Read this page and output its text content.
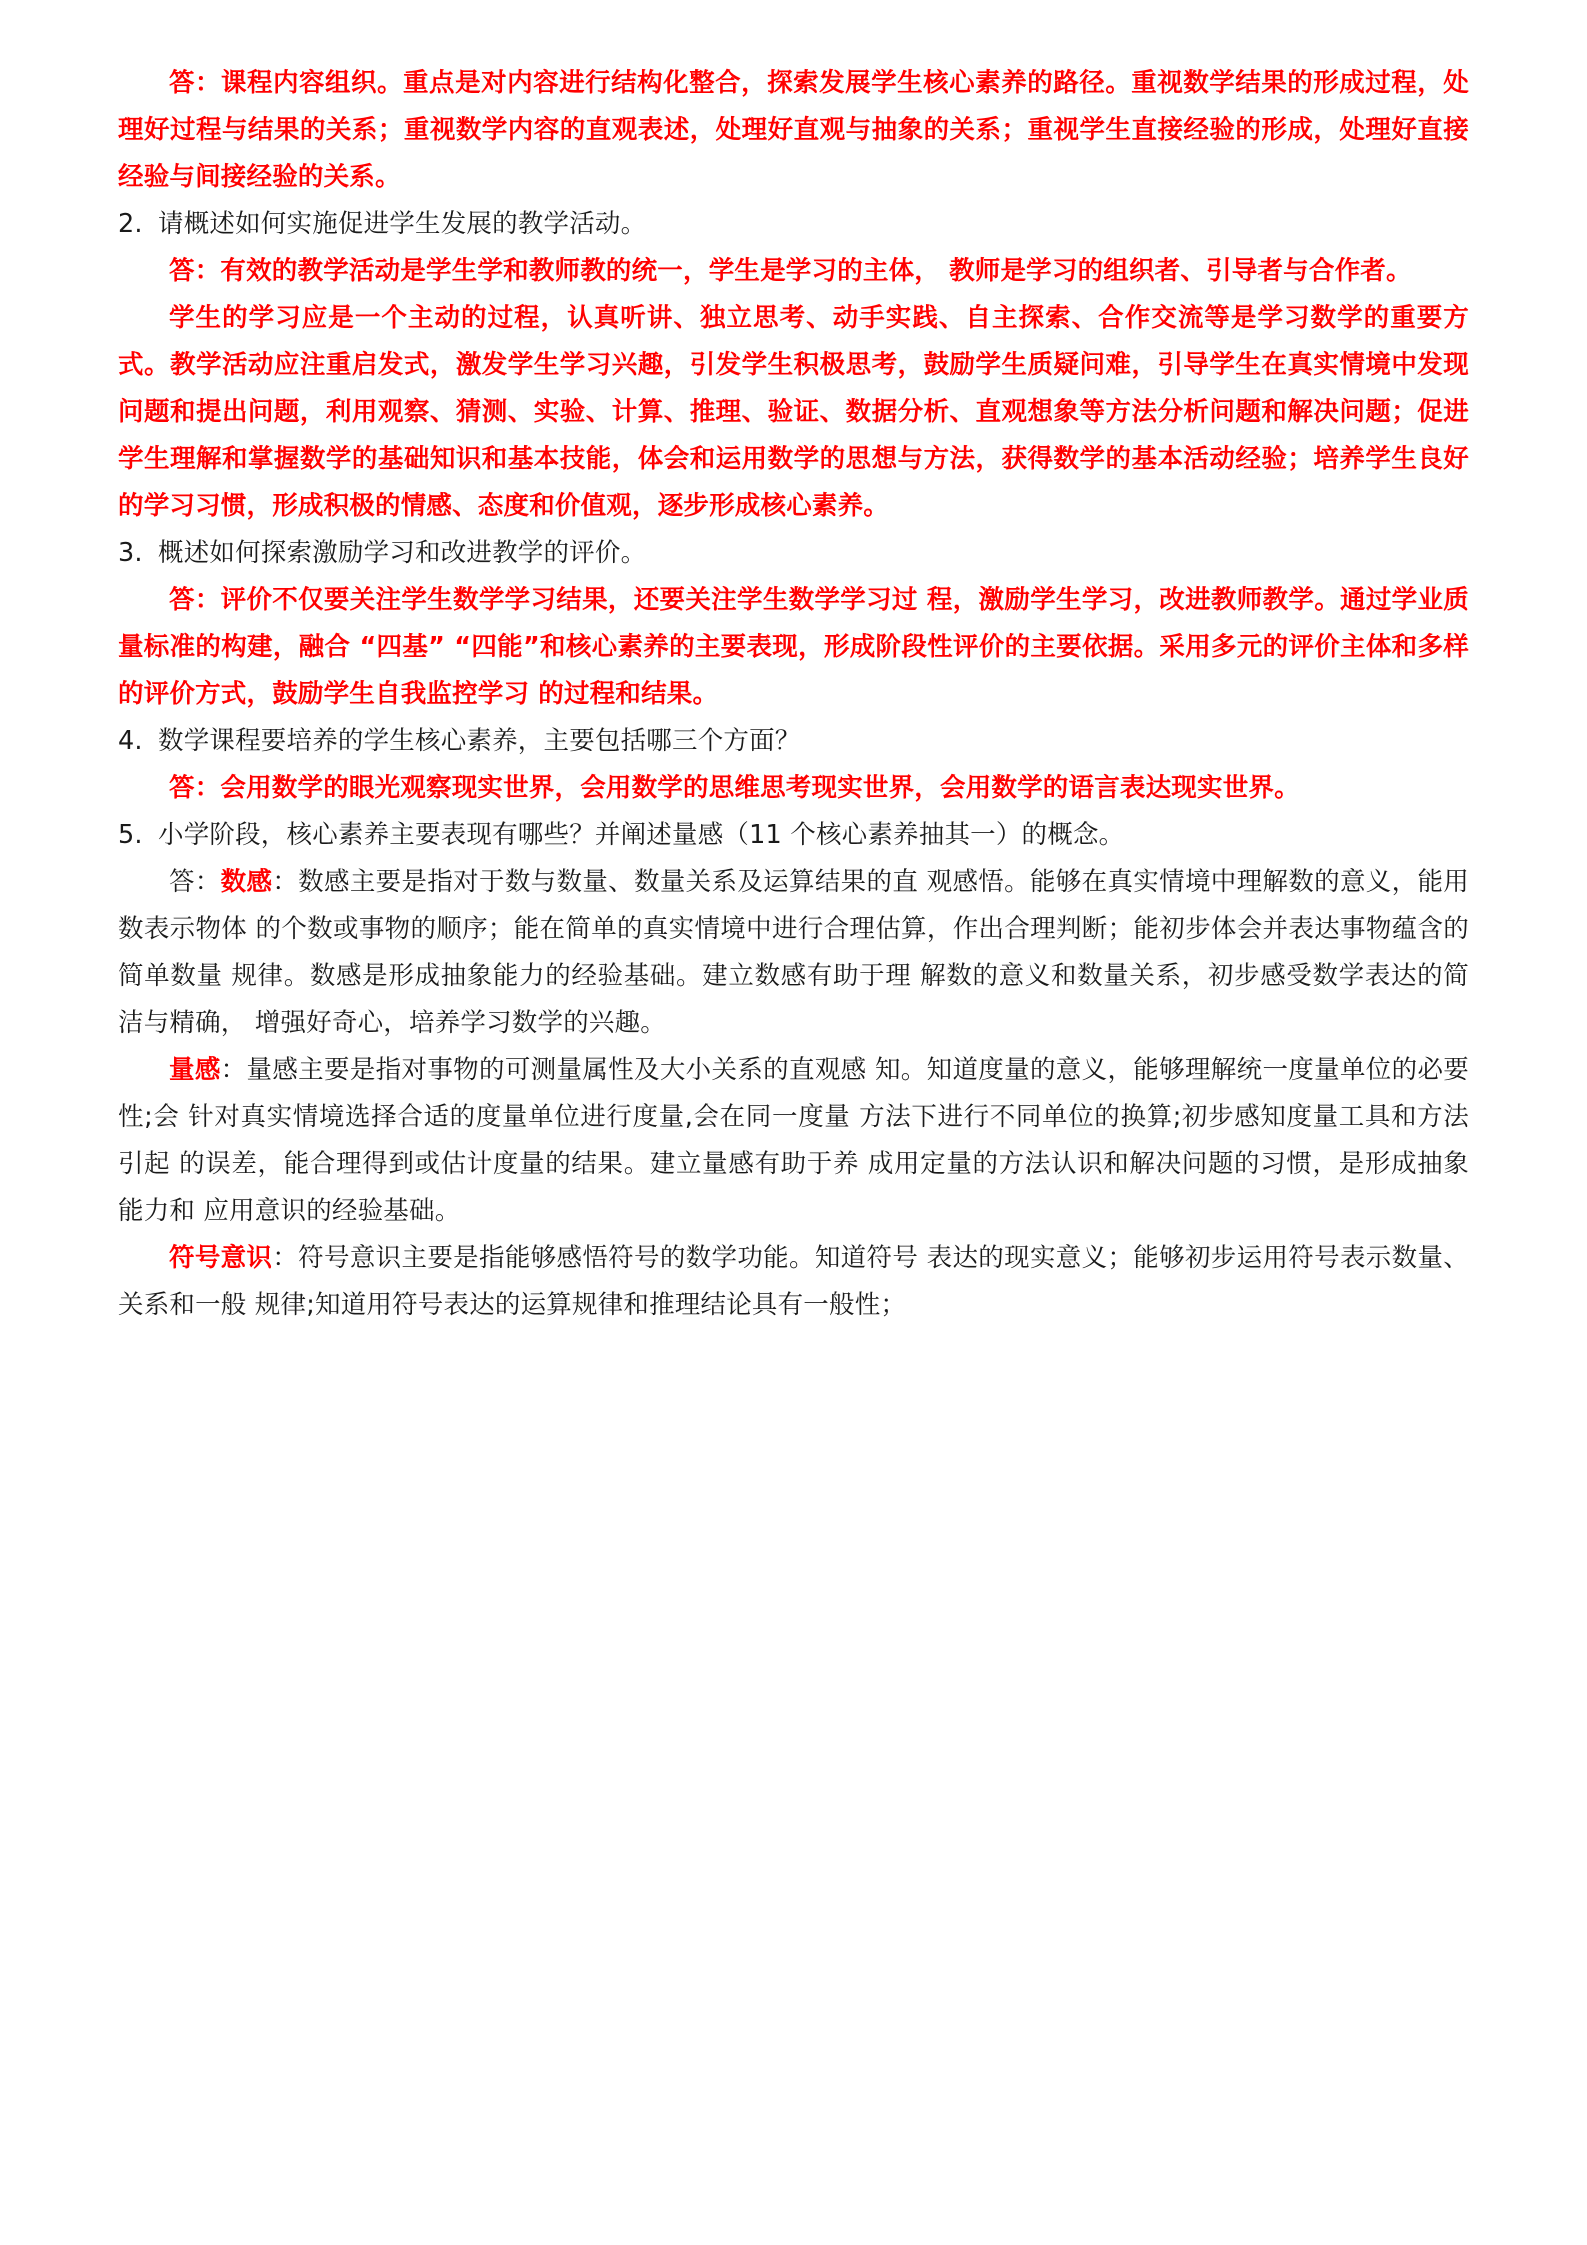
答：课程内容组织。重点是对内容进行结构化整合，探索发展学生核心素养的路径。重视数学结果的形成过程，处理好过程与结果的关系；重视数学内容的直观表述，处理好直观与抽象的关系；重视学生直接经验的形成，处理好直接经验与间接经验的关系。

2. 请概述如何实施促进学生发展的教学活动。

答：有效的教学活动是学生学和教师教的统一，学生是学习的主体， 教师是学习的组织者、引导者与合作者。

学生的学习应是一个主动的过程，认真听讲、独立思考、动手实践、自主探索、合作交流等是学习数学的重要方式。教学活动应注重启发式，激发学生学习兴趣，引发学生积极思考，鼓励学生质疑问难，引导学生在真实情境中发现问题和提出问题，利用观察、猜测、实验、计算、推理、验证、数据分析、直观想象等方法分析问题和解决问题；促进学生理解和掌握数学的基础知识和基本技能，体会和运用数学的思想与方法，获得数学的基本活动经验；培养学生良好的学习习惯，形成积极的情感、态度和价值观，逐步形成核心素养。

3. 概述如何探索激励学习和改进教学的评价。

答：评价不仅要关注学生数学学习结果，还要关注学生数学学习过 程，激励学生学习，改进教师教学。通过学业质量标准的构建，融合 “四基” “四能”和核心素养的主要表现，形成阶段性评价的主要依据。采用多元的评价主体和多样的评价方式，鼓励学生自我监控学习 的过程和结果。

4. 数学课程要培养的学生核心素养，主要包括哪三个方面？

答：会用数学的眼光观察现实世界，会用数学的思维思考现实世界，会用数学的语言表达现实世界。

5. 小学阶段，核心素养主要表现有哪些？并阐述量感（11 个核心素养抽其一）的概念。

答：数感：数感主要是指对于数与数量、数量关系及运算结果的直 观感悟。能够在真实情境中理解数的意义，能用数表示物体 的个数或事物的顺序；能在简单的真实情境中进行合理估算，作出合理判断；能初步体会并表达事物蕴含的简单数量 规律。数感是形成抽象能力的经验基础。建立数感有助于理 解数的意义和数量关系，初步感受数学表达的简洁与精确， 增强好奇心，培养学习数学的兴趣。

量感：量感主要是指对事物的可测量属性及大小关系的直观感 知。知道度量的意义，能够理解统一度量单位的必要性;会 针对真实情境选择合适的度量单位进行度量,会在同一度量 方法下进行不同单位的换算;初步感知度量工具和方法引起 的误差，能合理得到或估计度量的结果。建立量感有助于养 成用定量的方法认识和解决问题的习惯，是形成抽象能力和 应用意识的经验基础。

符号意识：符号意识主要是指能够感悟符号的数学功能。知道符号 表达的现实意义；能够初步运用符号表示数量、关系和一般 规律;知道用符号表达的运算规律和推理结论具有一般性；
